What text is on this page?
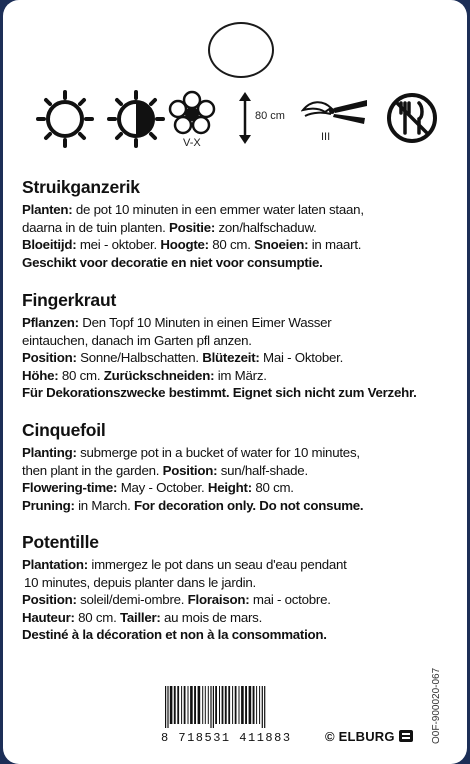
V-X
80 cm
III
Struikganzerik
Planten: de pot 10 minuten in een emmer water laten staan,
daarna in de tuin planten. Positie: zon/halfschaduw.
Bloeitijd: mei - oktober. Hoogte: 80 cm. Snoeien: in maart.
Geschikt voor decoratie en niet voor consumptie.
Fingerkraut
Pflanzen: Den Topf 10 Minuten in einen Eimer Wasser
eintauchen, danach im Garten pfl anzen.
Position: Sonne/Halbschatten. Blütezeit: Mai - Oktober.
Höhe: 80 cm. Zurückschneiden: im März.
Für Dekorationszwecke bestimmt. Eignet sich nicht zum Verzehr.
Cinquefoil
Planting: submerge pot in a bucket of water for 10 minutes,
then plant in the garden. Position: sun/half-shade.
Flowering-time: May - October. Height: 80 cm.
Pruning: in March. For decoration only. Do not consume.
Potentille
Plantation: immergez le pot dans un seau d'eau pendant
10 minutes, depuis planter dans le jardin.
Position: soleil/demi-ombre. Floraison: mai - octobre.
Hauteur: 80 cm. Tailler: au mois de mars.
Destiné à la décoration et non à la consommation.
8 718531 411883	© ELBURG	O0F-900020-067
